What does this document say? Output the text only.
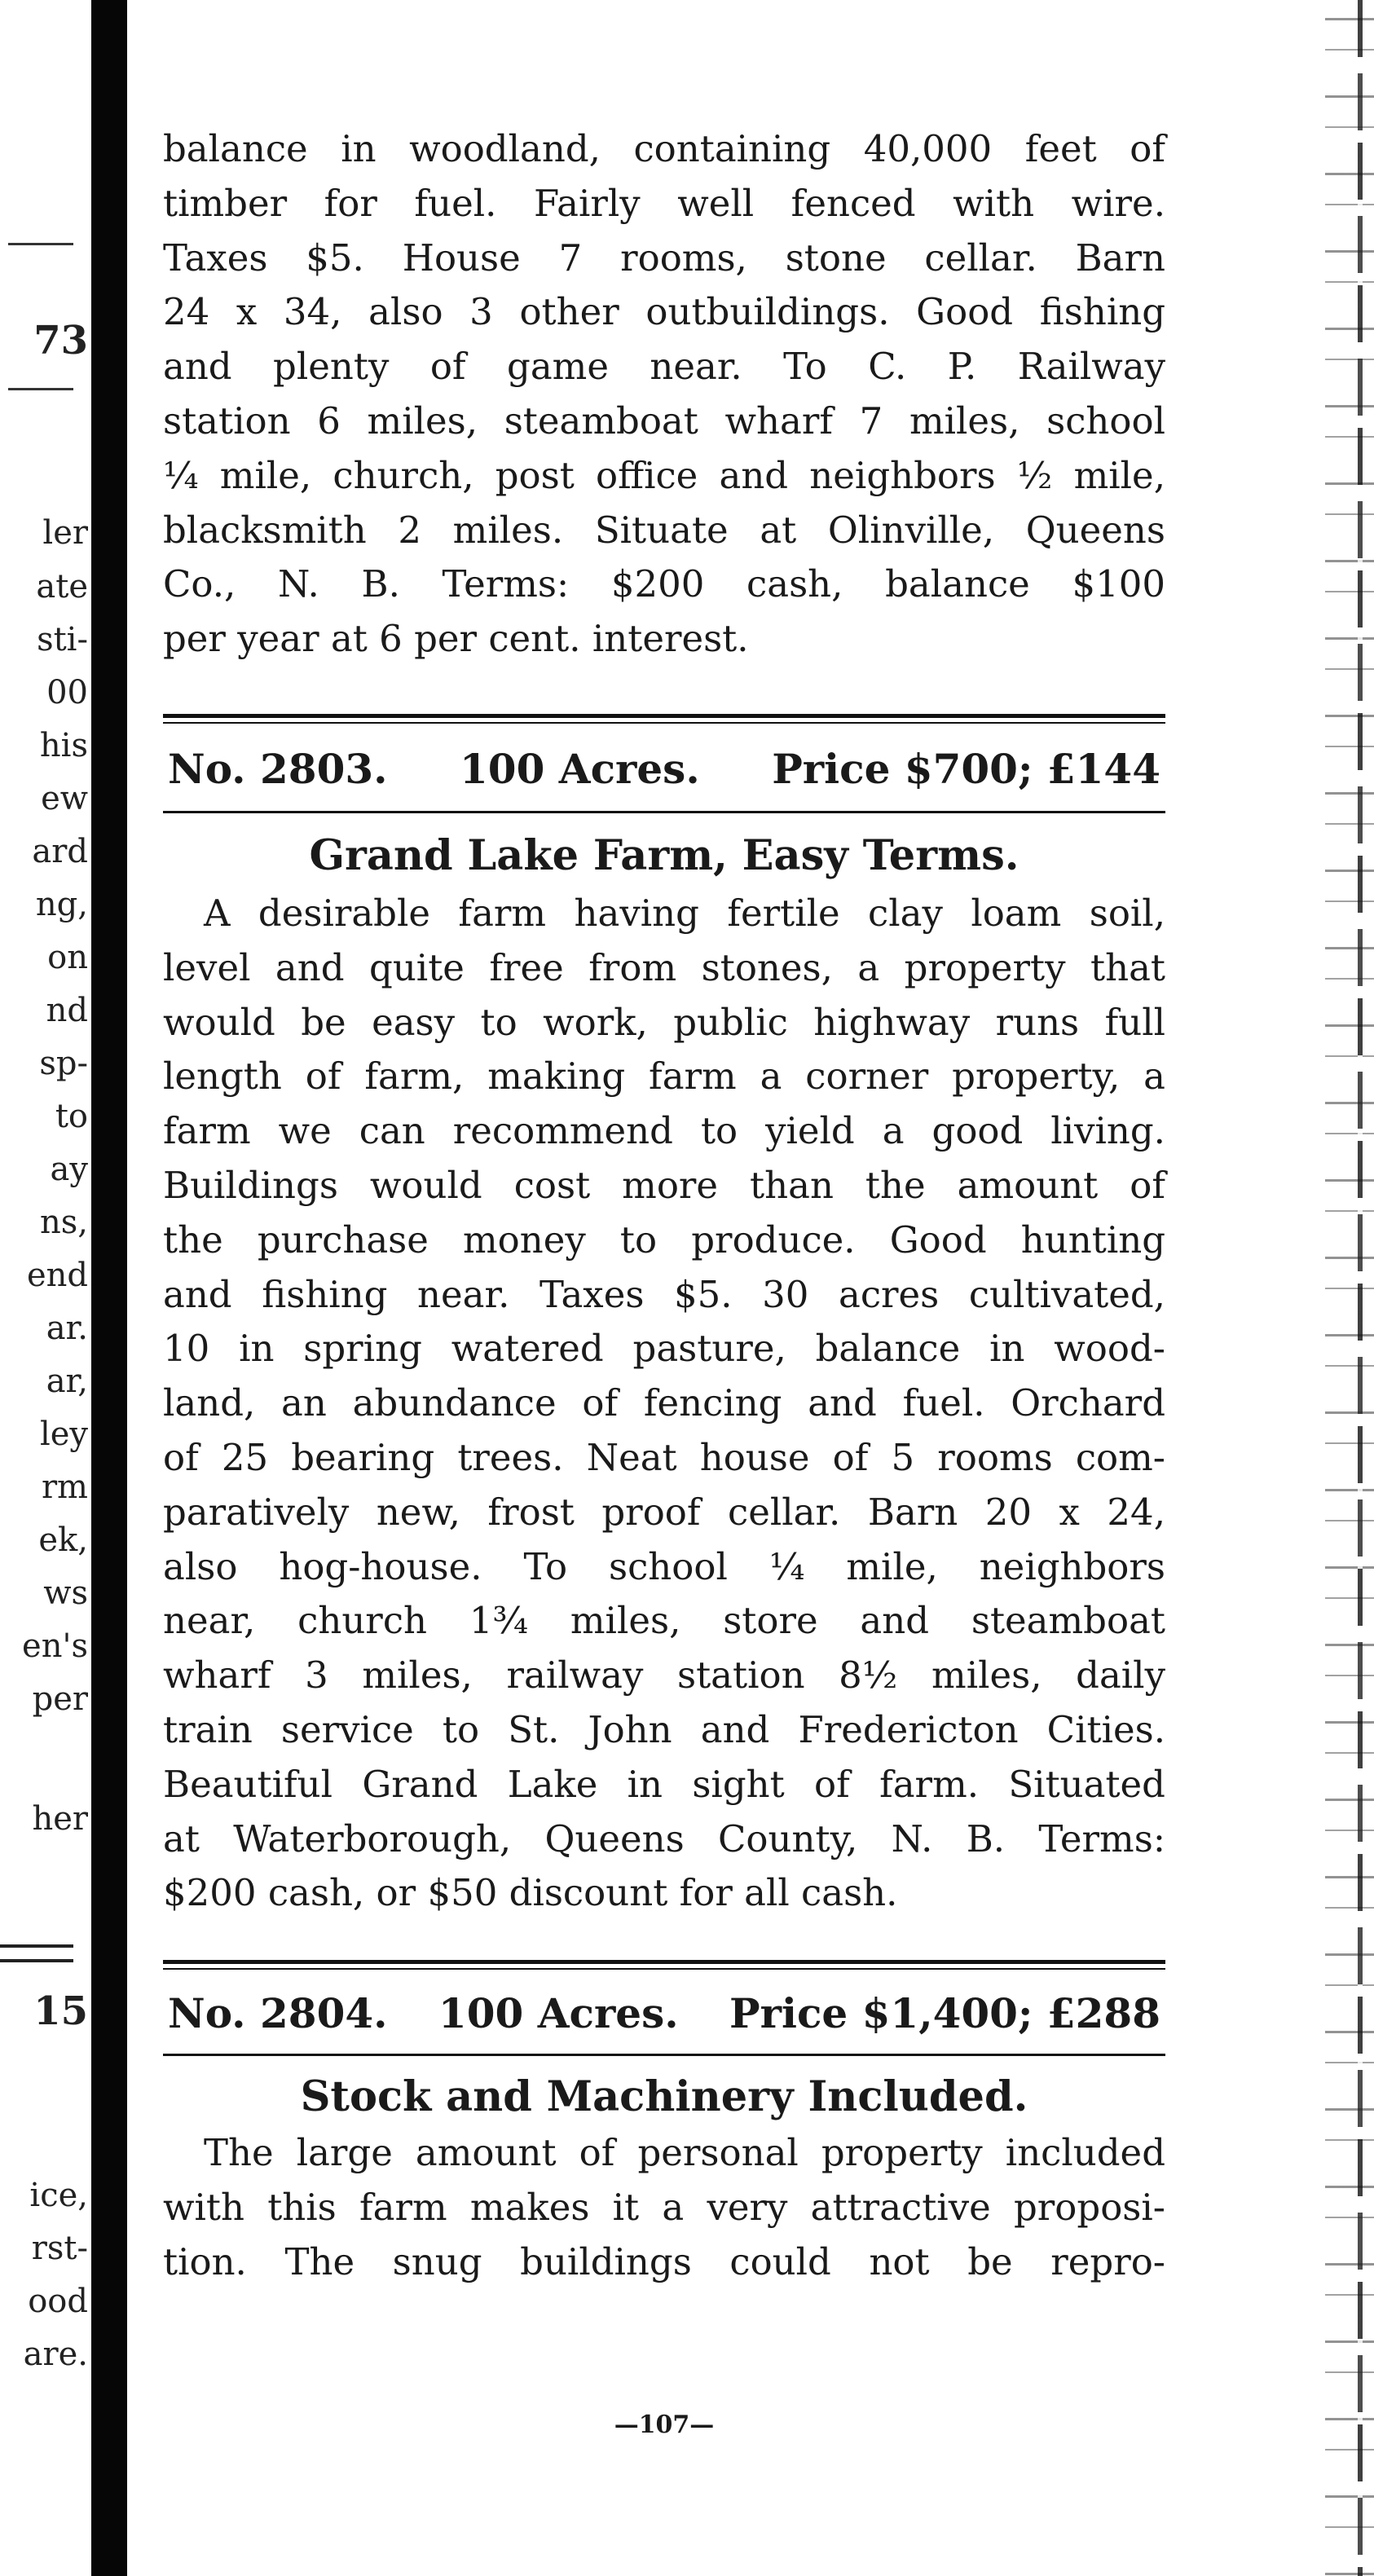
73
ler
ate
sti-
00
his
ew
ard
ng,
on
nd
sp-
to
ay
ns,
end
ar.
ar,
ley
rm
ek,
ws
en's
per
her
15
ice,
rst-
ood
are.
balance in woodland, containing 40,000 feet of
timber for fuel. Fairly well fenced with wire.
Taxes $5. House 7 rooms, stone cellar. Barn
24 x 34, also 3 other outbuildings. Good fishing
and plenty of game near. To C. P. Railway
station 6 miles, steamboat wharf 7 miles, school
¼ mile, church, post office and neighbors ½ mile,
blacksmith 2 miles. Situate at Olinville, Queens
Co., N. B. Terms: $200 cash, balance $100
per year at 6 per cent. interest.
No. 2803. 100 Acres. Price $700; £144
Grand Lake Farm, Easy Terms.
A desirable farm having fertile clay loam soil,
level and quite free from stones, a property that
would be easy to work, public highway runs full
length of farm, making farm a corner property, a
farm we can recommend to yield a good living.
Buildings would cost more than the amount of
the purchase money to produce. Good hunting
and fishing near. Taxes $5. 30 acres cultivated,
10 in spring watered pasture, balance in wood-
land, an abundance of fencing and fuel. Orchard
of 25 bearing trees. Neat house of 5 rooms com-
paratively new, frost proof cellar. Barn 20 x 24,
also hog-house. To school ¼ mile, neighbors
near, church 1¾ miles, store and steamboat
wharf 3 miles, railway station 8½ miles, daily
train service to St. John and Fredericton Cities.
Beautiful Grand Lake in sight of farm. Situated
at Waterborough, Queens County, N. B. Terms:
$200 cash, or $50 discount for all cash.
No. 2804. 100 Acres. Price $1,400; £288
Stock and Machinery Included.
The large amount of personal property included
with this farm makes it a very attractive proposi-
tion. The snug buildings could not be repro-
—107—
